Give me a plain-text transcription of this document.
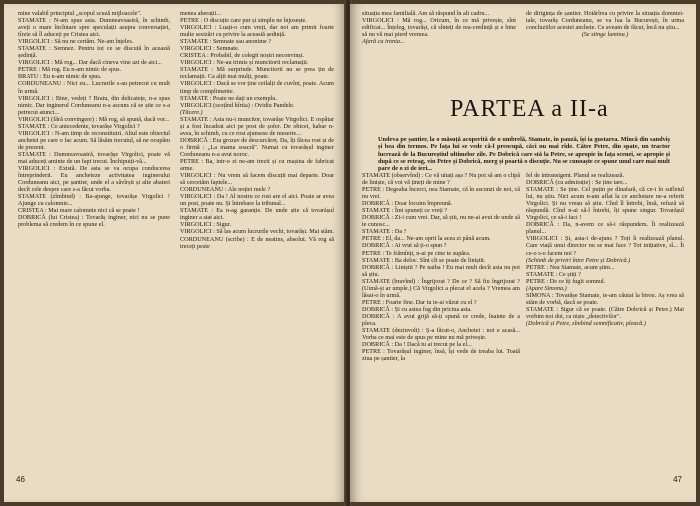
mine valabil principiul „scopul scuză mijloacele".

STAMATE : N-am spus asta. Dumneavoastră, în schimb, aveți o mare încîntare spre speculații asupra conversației, tîrzie să îl aduceți pe Cristea aici.

VIRGOLICI : Să nu ne certăm. Ne-am înțeles.

STAMATE : Semnez. Pentru tot ce se discută în această ședință.

VIRGOLICI : Mă rog... Dar dacă cineva vine azi de aici...

PETRE : Mă rog. Eu n-am nimic de spus.

BRATU : Eu n-am nimic de spus.

CORDUNEANU : Nici eu... Lucrurile s-au petrecut cu mult în urmă.

VIRGOLICI : Bine, vedeți ? Bratu, din delicatețe, n-a spus nimic. Dar inginerul Corduneanu n-a ascuns că se știe ce s-a petrecut atunci...

VIRGOLICI (fără convingere) : Mă rog, să spună, dacă vor...

STAMATE : Ce antecedente, tovarășe Virgolici ?

VIRGOLICI : N-am timp de reconstituiri. Altul este obiectul anchetei pe care o fac acum. Să lăsăm trecutul, să ne ocupăm de prezent.

STAMATE : Dumneavoastră, tovarășe Virgolici, poate vă mai aduceți aminte de un fapt trecut. Închipuiți-vă...

VIRGOLICI : Există. De asta se va ocupa conducerea întreprinderii. Eu ancheteze activitatea inginerului Corduneanu aici, pe șantier, unde el a săvîrșit și alte abateri decît cele despre care s-a făcut vorba.

STAMATE (zîmbind) : Ba-ajunge, tovarășe Virgolici ! Ajunge cu calomnie...

CRISTEA : Mai mare calomnie nici că se poate !

DOBRICĂ (lui Cristea) : Tovarăș inginer, nici nu se pune problema să credem în ce spune el.

menea aberații...

PETRE : O discuție care pur și simplu ne înjosește.

VIRGOLICI : Luați-o cum vreți, dar noi am primit foarte multe sesizări cu privire la această ședință.

STAMATE : Semnate sau anonime ?

VIRGOLICI : Semnate.

CRISTEA : Probabil, de colegii noștri neconvinși.

VIRGOLICI : Ne-au trimis și muncitorii reclamații.

STAMATE : Mă surprinde. Muncitorii nu se prea țin de reclamații. Ca alții mai mulți, poate.

VIRGOLICI : Dacă se vor ține ceilalți de cuvînt, poate. Acum timp de complimente.

STAMATE : Poate ne dați un exemplu.

VIRGOLICI (scoțînd hîrtia) : Ovidiu Pandele.

(Tăcere.)

STAMATE : Asta nu-i muncitor, tovarășe Virgolici. E ospătar și a fost încadrat aici pe post de șofer. De obicei, habar n-avea, în schimb, cu ce rost ajunsese de meserie...

DOBRICĂ : Era grozav de descurcăreț. Da, îți făcea rost și de o firmă : „La mama soacră". Numai cu tovarășul inginer Corduneanu n-a avut noroc.

PETRE : Ba, intr-o zi ne-am trezit și cu mașina de fabricat arme.

VIRGOLICI : Nu vrem să facem discuții mai departe. Doar să cercetăm faptele...

CORDUNEANU : Ale noției mele ?

VIRGOLICI : Da ! Al nostru ce rost are el aici. Poate ar avea un post, poate nu. Și întrebare la tribunal...

STAMATE : Ea n-ag garanție. De unde știe că tovarășul inginer a stat aici.

VIRGOLICI : Sigur.

VIRGOLICI : Să las acum lucrurile vechi, tovarăși. Mai stăm.

CORDUNEANU (scribe) : E de neatins, absolut. Vă rog să treceți peste

46

situația mea familială. Am să răspund în alt cadru...

VIRGOLICI : Mă rog... Oricum, în ce mă privește, sînt edificat... Înțeleg, tovarăși, că sînteți de rea-credință și e bine să nu vă mai pierd vremea.

Afară cu ironia...

de dirigința de șantier. Hotărîrea cu privire la situația domniei-tale, tovarăș Corduneanu, se va lua la București, în urma concluziilor acestei anchete. Ce aveam de făcut, încă nu știu...

(Se stinge lumina.)

PARTEA a II-a
Undeva pe șantier, la o măsuță acoperită de o umbrelă, Stamate, în pauză, își ia gustarea. Mîncă din sandviș și bea din termos. Pe fața lui se vede că-l preocupă, căci nu mai rîde. Către Petre, din spate, un tractor lucrează de la Bucureștiul ultimelor zile. Pe Dobrică care stă la Petre, se apropie în fața scenei, se apropie și după ce se retrag, vin Petre și Dobrică, merg și poartă o discuție. Nu se cunoaște ce spune unul care mai mult pare de o zi de ieri...

STAMATE (observînd) : Ce vă uitați așa ? Nu pot să am o clipă de liniște, că voi vă țineți de mine ?

PETRE : Degeaba încerci, nea Stamate, că în ascunzi de noi, că nu vrei.

DOBRICĂ : Doar locuim împreună.

STAMATE : Îmi spuneți ce vreți ?

DOBRICĂ : Zi-i cum vrei. Dar, să știi, nu ne-ai avut de unde să te cunosc...

STAMATE : Da ?

PETRE : El, da... Ne-am oprit la acea zi până acum.

DOBRICĂ : Ai vrut să ți-o spun ?

PETRE : Te frămînți, n-ai pe cine te supăra.

STAMATE : Ba deloc. Sînt cît se poate de liniștit.

DOBRICĂ : Liniștit ? Pe naiba ! Eu mai mult decît asta nu pot să știu.

STAMATE (bravînd) : Îngrijorat ? De ce ? Să fiu îngrijorat ? (Uimă-și ar umple.) Că Virgolici a plecat el acela ? Vremea am lăsat-o în urmă.

PETRE : Foarte fine. Dar tu te-ai văzut cu el ?

DOBRICĂ : Și cu astea fug din pricina asta.

DOBRICĂ : A avut grijă să-ți spună ce crede, înainte de a pleca.

STAMATE (dezinvolt) : Ș-a făcut-o, Anchetei : noi e acasă... Vorba ce mai este de spus pe mine nu mă privește.

DOBRICĂ : Da ! Dacă tu ai trecut pe la el...

PETRE : Tovarășul inginer, însă, își vede de treaba lui. Toată ziua pe șantier, la

fel de intransigent. Planul se realizează.

DOBRICĂ (cu admirație) : Se ține tare...

STAMATE : Se ține. Cel puțin pe dinafară, că ce-i în sufletul lui, nu știu. Nici acum n-am aflat la ce anchetare ne-a referit Virgolici. Și nu vreau să știu. Cînd îl întrebi, însă, refuză să răspundă. Cînd n-ai să-l întrebi, îți spune singur. Tovarășul Virgolici, ce să-i faci !

DOBRICĂ : Da, n-avem ce să-i răspundem. Îi realizează planul...

VIRGOLICI : Și, asta-i de-ajuns ? Toți îi realizează planul. Care viață unui director nu se mai face ? Tot inițiative, sî... Îi ce-o s-o facem noi ?

(Schimb de priviri între Petre și Dobrică.)

PETRE : Nea Stamate, acum știm...

STAMATE : Ce știți ?

PETRE : De ce îți fugit somnul.

(Apare Simona.)

SIMONA : Tovarășe Stamate, te-am căutat la birou. Aș vrea să stăm de vorbă, dacă se poate.

STAMATE : Sigur că se poate. (Către Dobrică și Petre.) Mai vorbim noi doi, ca niște „detectivilor".

(Dobrică și Petre, zîmbind semnificativ, pleacă.)

47
